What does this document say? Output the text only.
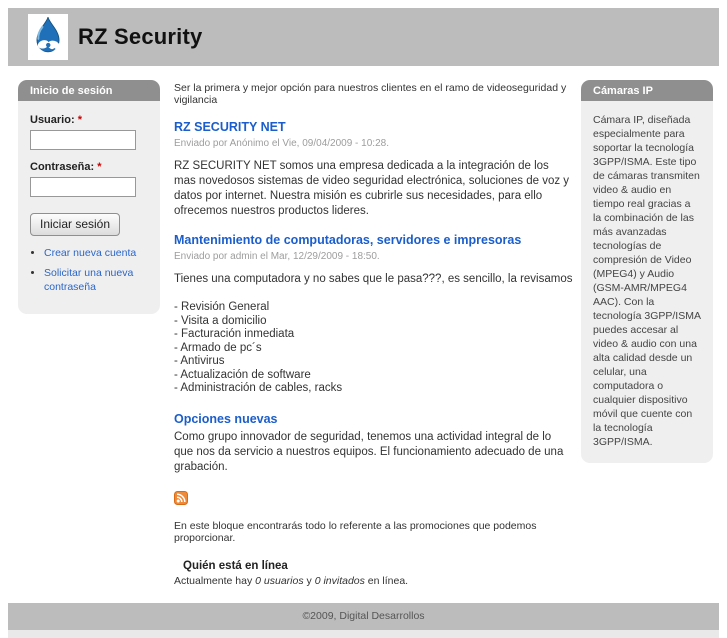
RZ Security
Inicio de sesión
Usuario: *
Contraseña: *
Iniciar sesión
• Crear nueva cuenta
• Solicitar una nueva contraseña

Ser la primera y mejor opción para nuestros clientes en el ramo de videoseguridad y vigilancia

RZ SECURITY NET
Enviado por Anónimo el Vie, 09/04/2009 - 10:28.

RZ SECURITY NET somos una empresa dedicada a la integración de los mas novedosos sistemas de video seguridad electrónica, soluciones de voz y datos por internet. Nuestra misión es cubrirle sus necesidades, para ello ofrecemos nuestros productos lideres.

Mantenimiento de computadoras, servidores e impresoras
Enviado por admin el Mar, 12/29/2009 - 18:50.

Tienes una computadora y no sabes que le pasa???, es sencillo, la revisamos

- Revisión General
- Visita a domicilio
- Facturación inmediata
- Armado de pc´s
- Antivirus
- Actualización de software
- Administración de cables, racks
Opciones nuevas

Como grupo innovador de seguridad, tenemos una actividad integral de lo que nos da servicio a nuestros equipos. El funcionamiento adecuado de una grabación.

En este bloque encontrarás todo lo referente a las promociones que podemos proporcionar.

Quién está en línea

Actualmente hay 0 usuarios y 0 invitados en línea.

Cámaras IP
Cámara IP, diseñada especialmente para soportar la tecnología 3GPP/ISMA. Este tipo de cámaras transmiten video & audio en tiempo real gracias a la combinación de las más avanzadas tecnologías de compresión de Video (MPEG4) y Audio (GSM-AMR/MPEG4 AAC). Con la tecnología 3GPP/ISMA puedes accesar al video & audio con una alta calidad desde un celular, una computadora o cualquier dispositivo móvil que cuente con la tecnología 3GPP/ISMA.
©2009, Digital Desarrollos
